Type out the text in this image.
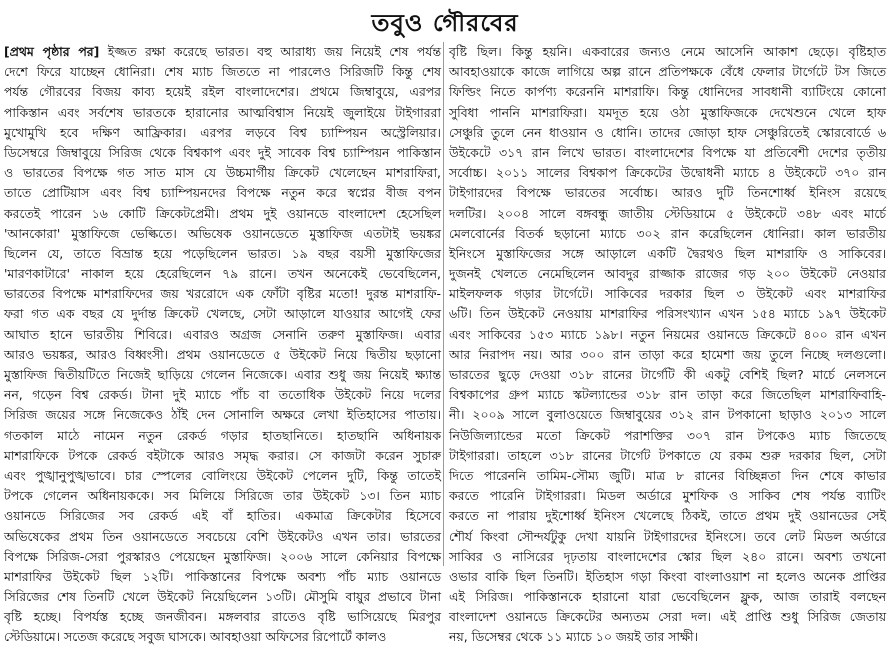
তবুও গৌরবের
[প্রথম পৃষ্ঠার পর] ইজ্জত রক্ষা করেছে ভারত। বহু আরাধ্য জয় নিয়েই শেষ পর্যন্ত
দেশে ফিরে যাচ্ছেন ধোনিরা। শেষ ম্যাচ জিততে না পারলেও সিরিজটি কিন্তু শেষ
পর্যন্ত গৌরবের বিজয় কাব্য হয়েই রইল বাংলাদেশের। প্রথমে জিম্বাবুয়ে, এরপর
পাকিস্তান এবং সর্বশেষ ভারতকে হারানোর আত্মবিশ্বাস নিয়েই জুলাইয়ে টাইগাররা
মুখোমুখি হবে দক্ষিণ আফ্রিকার। এরপর লড়বে বিশ্ব চ্যাম্পিয়ন অস্ট্রেলিয়ার।
ডিসেম্বরে জিম্বাবুয়ে সিরিজ থেকে বিশ্বকাপ এবং দুই সাবেক বিশ্ব চ্যাম্পিয়ন পাকিস্তান
ও ভারতের বিপক্ষে গত সাত মাস যে উচ্চমার্গীয় ক্রিকেট খেলেছেন মাশরাফিরা,
তাতে প্রোটিয়াস এবং বিশ্ব চ্যাম্পিয়নদের বিপক্ষে নতুন করে স্বপ্নের বীজ বপন
করতেই পারেন ১৬ কোটি ক্রিকেটপ্রেমী। প্রথম দুই ওয়ানডে বাংলাদেশ হেসেছিল
'আনকোরা' মুস্তাফিজে ভেল্কিতে। অভিষেক ওয়ানডেতে মুস্তাফিজ এতটাই ভয়ঙ্কর
ছিলেন যে, তাতে বিভ্রান্ত হয়ে পড়েছিলেন ভারত। ১৯ বছর বয়সী মুস্তাফিজের
'মারণকাটারে' নাকাল হয়ে হেরেছিলেন ৭৯ রানে। তখন অনেকেই ভেবেছিলেন,
ভারতের বিপক্ষে মাশরাফিদের জয় খররোদে এক ফোঁটা বৃষ্টির মতো! দুরন্ত মাশরাফি-
ফরা গত এক বছর যে দুর্দান্ত ক্রিকেট খেলছে, সেটা আড়ালে যাওয়ার আগেই ফের
আঘাত হানে ভারতীয় শিবিরে। এবারও অগ্রজ সেনানি তরুণ মুস্তাফিজ। এবার
আরও ভয়ঙ্কর, আরও বিধ্বংসী। প্রথম ওয়ানডেতে ৫ উইকেট নিয়ে দ্বিতীয় ছড়ানো
মুস্তাফিজ দ্বিতীয়টিতে নিজেই ছাড়িয়ে গেলেন নিজেকে। এবার শুধু জয় নিয়েই ক্ষ্যান্ত
নন, গড়েন বিশ্ব রেকর্ড। টানা দুই ম্যাচে পাঁচ বা ততোধিক উইকেট নিয়ে দলের
সিরিজ জয়ের সঙ্গে নিজেকেও ঠাঁই দেন সোনালি অক্ষরে লেখা ইতিহাসের পাতায়।
গতকাল মাঠে নামেন নতুন রেকর্ড গড়ার হাতছানিতে। হাতছানি অধিনায়ক
মাশরাফিকে টপকে রেকর্ড বইটাকে আরও সমৃদ্ধ করার। সে কাজটা করেন সুচারু
এবং পুঙ্খানুপুঙ্খভাবে। চার স্পেলের বোলিংয়ে উইকেট পেলেন দুটি, কিন্তু তাতেই
টপকে গেলেন অধিনায়ককে। সব মিলিয়ে সিরিজে তার উইকেট ১৩। তিন ম্যাচ
ওয়ানডে সিরিজের সব রেকর্ড এই বাঁ হাতির। একমাত্র ক্রিকেটার হিসেবে
অভিষেকের প্রথম তিন ওয়ানডেতে সবচেয়ে বেশি উইকেটও এখন তার। ভারতের
বিপক্ষে সিরিজ-সেরা পুরস্কারও পেয়েছেন মুস্তাফিজ। ২০০৬ সালে কেনিয়ার বিপক্ষে
মাশরাফির উইকেট ছিল ১২টি। পাকিস্তানের বিপক্ষে অবশ্য পাঁচ ম্যাচ ওয়ানডে
সিরিজের শেষ তিনটি খেলে উইকেট নিয়েছিলেন ১৩টি। মৌসুমি বায়ুর প্রভাবে টানা
বৃষ্টি হচ্ছে। বিপর্যস্ত হচ্ছে জনজীবন। মঙ্গলবার রাতেও বৃষ্টি ভাসিয়েছে মিরপুর
স্টেডিয়ামে। সতেজ করেছে সবুজ ঘাসকে। আবহাওয়া অফিসের রিপোর্টে কালও
বৃষ্টি ছিল। কিন্তু হয়নি। একবারের জন্যও নেমে আসেনি আকাশ ছেড়ে। বৃষ্টিহাত
আবহাওয়াকে কাজে লাগিয়ে অল্প রানে প্রতিপক্ষকে বেঁধে ফেলার টার্গেটে টস জিতে
ফিল্ডিং নিতে কার্পণ্য করেননি মাশরাফি। কিন্তু ধোনিদের সাবধানী ব্যাটিংয়ে কোনো
সুবিধা পাননি মাশরাফিরা। যমদূত হয়ে ওঠা মুস্তাফিজকে দেখেশুনে খেলে হাফ
সেঞ্চুরি তুলে নেন ধাওয়ান ও ধোনি। তাদের জোড়া হাফ সেঞ্চুরিতেই স্কোরবোর্ডে ৬
উইকেটে ৩১৭ রান লিখে ভারত। বাংলাদেশের বিপক্ষে যা প্রতিবেশী দেশের তৃতীয়
সর্বোচ্চ। ২০১১ সালের বিশ্বকাপ ক্রিকেটের উদ্বোধনী ম্যাচে ৪ উইকেটে ৩৭০ রান
টাইগারদের বিপক্ষে ভারতের সর্বোচ্চ। আরও দুটি তিনশোর্ধ্ব ইনিংস রয়েছে
দলটির। ২০০৪ সালে বঙ্গবন্ধু জাতীয় স্টেডিয়ামে ৫ উইকেটে ৩৪৮ এবং মার্চে
মেলবোর্নের বিতর্ক ছড়ানো ম্যাচে ৩০২ রান করেছিলেন ধোনিরা। কাল ভারতীয়
ইনিংসে মুস্তাফিজের সঙ্গে আড়ালে একটি দ্বৈরথও ছিল মাশরাফি ও সাকিবের।
দুজনই খেলতে নেমেছিলেন আবদুর রাজ্জাক রাজের গড় ২০০ উইকেট নেওয়ার
মাইলফলক গড়ার টার্গেটে। সাকিবের দরকার ছিল ৩ উইকেট এবং মাশরাফির
৬টি। তিন উইকেট নেওয়ায় মাশরাফির পরিসংখ্যান এখন ১৫৪ ম্যাচে ১৯৭ উইকেট
এবং সাকিবের ১৫৩ ম্যাচে ১৯৮। নতুন নিয়মের ওয়ানডে ক্রিকেটে ৪০০ রান এখন
আর নিরাপদ নয়। আর ৩০০ রান তাড়া করে হামেশা জয় তুলে নিচ্ছে দলগুলো।
ভারতের ছুড়ে দেওয়া ৩১৮ রানের টার্গেটি কী একটু বেশিই ছিল? মার্চে নেলসনে
বিশ্বকাপের গ্রুপ ম্যাচে স্কটল্যান্ডের ৩১৮ রান তাড়া করে জিতেছিল মাশরাফিবাহি-
নী। ২০০৯ সালে বুলাওয়েতে জিম্বাবুয়ের ৩১২ রান টপকানো ছাড়াও ২০১৩ সালে
নিউজিল্যান্ডের মতো ক্রিকেট পরাশক্তির ৩০৭ রান টপকেও ম্যাচ জিতেছে
টাইগাররা। তাহলে ৩১৮ রানের টার্গেট টপকাতে যে রকম শুরু দরকার ছিল, সেটা
দিতে পারেননি তামিম-সৌম্য জুটি। মাত্র ৮ রানের বিচ্ছিন্নতা দিন শেষে কাভার
করতে পারেনি টাইগাররা। মিডল অর্ডারে মুশফিক ও সাকিব শেষ পর্যন্ত ব্যাটিং
করতে না পারায় দুইশোর্ধ্ব ইনিংস খেলেছে ঠিকই, তাতে প্রথম দুই ওয়ানডের সেই
শৌর্য কিংবা সৌন্দর্যটুকু দেখা যায়নি টাইগারদের ইনিংসে। তবে লেট মিডল অর্ডারে
সাব্বির ও নাসিরের দৃঢ়তায় বাংলাদেশের স্কোর ছিল ২৪০ রানে। অবশ্য তখনো
ওভার বাকি ছিল তিনটি। ইতিহাস গড়া কিংবা বাংলাওয়াশ না হলেও অনেক প্রাপ্তির
এই সিরিজ। পাকিস্তানকে হারানো যারা ভেবেছিলেন ফ্লুক, আজ তারাই বলছেন
বাংলাদেশ ওয়ানডে ক্রিকেটের অন্যতম সেরা দল। এই প্রাপ্তি শুধু সিরিজ জেতায়
নয়, ডিসেম্বর থেকে ১১ ম্যাচে ১০ জয়ই তার সাক্ষী।
